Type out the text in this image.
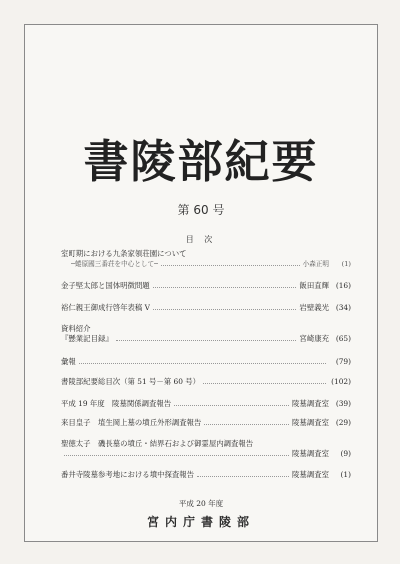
書陵部紀要
第 60 号
目 次
室町期における九条家領荘園について
─蜷原國三番荘を中心として─	小森正明	(1)
金子堅太郎と国体明徴問題	飯田直輝 (16)
裕仁親王御成行啓年表稿 V	岩壁義光 (34)
資料紹介
『懸業記目録』	宮崎康充 (65)
彙報	(79)
書陵部紀要総目次（第 51 号－第 60 号）	(102)
平成 19 年度　陵墓関係調査報告	陵墓調査室 (39)
来目皇子　埴生岡上墓の墳丘外形調査報告	陵墓調査室 (29)
聖徳太子　磯長墓の墳丘・結界石および御霊屋内調査報告
陵墓調査室	(9)
番井寺陵墓参考地における墳中探査報告	陵墓調査室	(1)
平成 20 年度
宮内庁書陵部
